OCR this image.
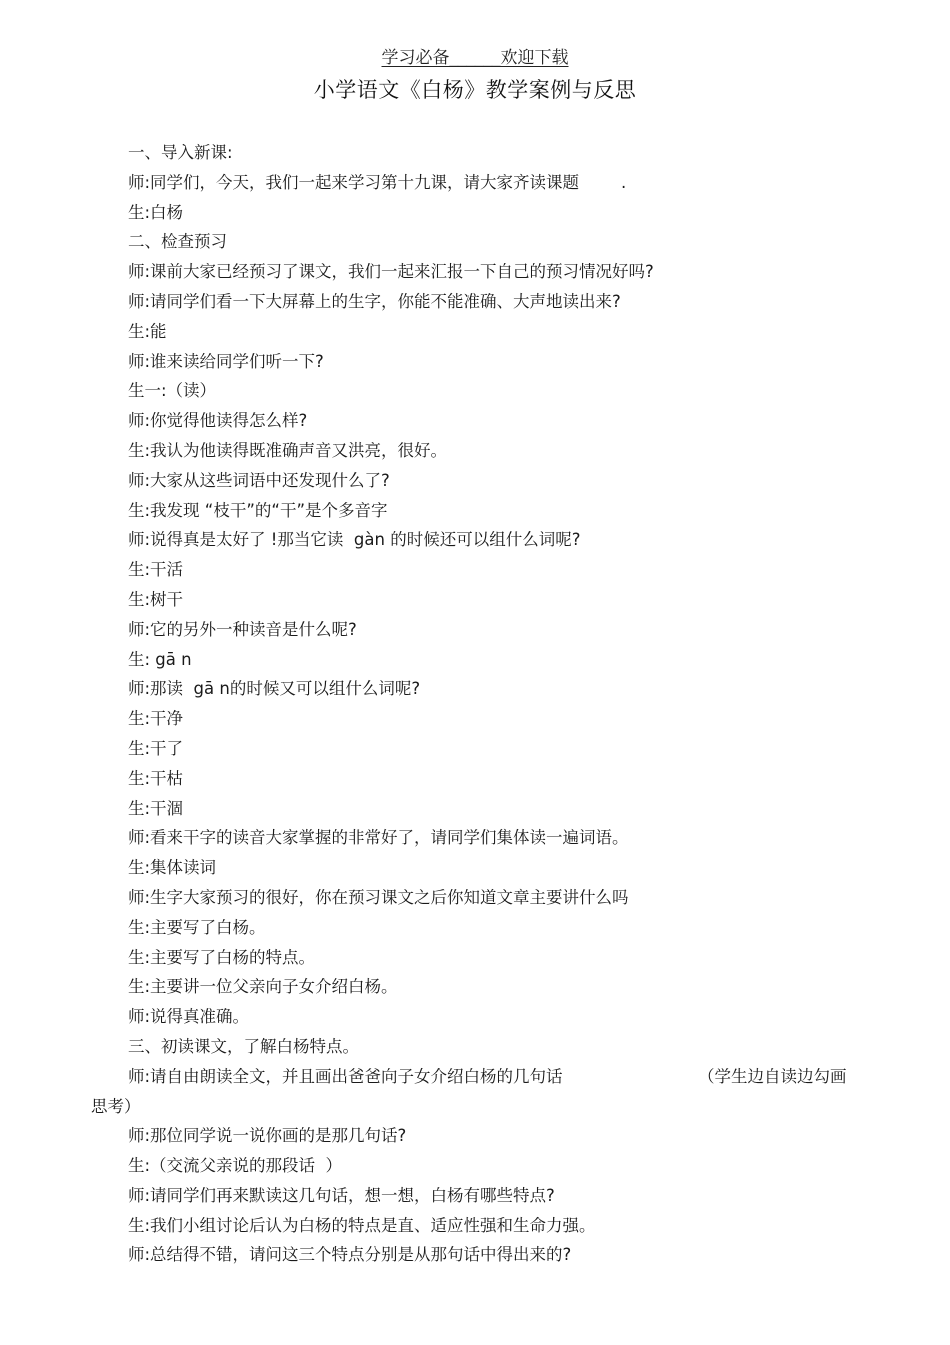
学习必备______欢迎下载
小学语文《白杨》教学案例与反思
一、导入新课:
师:同学们，今天，我们一起来学习第十九课，请大家齐读课题        .
生:白杨
二、检查预习
师:课前大家已经预习了课文，我们一起来汇报一下自己的预习情况好吗?
师:请同学们看一下大屏幕上的生字，你能不能准确、大声地读出来?
生:能
师:谁来读给同学们听一下?
生一:（读）
师:你觉得他读得怎么样?
生:我认为他读得既准确声音又洪亮，很好。
师:大家从这些词语中还发现什么了?
生:我发现 “枝干”的“干”是个多音字
师:说得真是太好了 !那当它读  gàn 的时候还可以组什么词呢?
生:干活
生:树干
师:它的另外一种读音是什么呢?
生: gā n
师:那读  gā n的时候又可以组什么词呢?
生:干净
生:干了
生:干枯
生:干涸
师:看来干字的读音大家掌握的非常好了，请同学们集体读一遍词语。
生:集体读词
师:生字大家预习的很好，你在预习课文之后你知道文章主要讲什么吗
生:主要写了白杨。
生:主要写了白杨的特点。
生:主要讲一位父亲向子女介绍白杨。
师:说得真准确。
三、初读课文，了解白杨特点。
师:请自由朗读全文，并且画出爸爸向子女介绍白杨的几句话	（学生边自读边勾画
思考）
师:那位同学说一说你画的是那几句话?
生:（交流父亲说的那段话  ）
师:请同学们再来默读这几句话，想一想，白杨有哪些特点?
生:我们小组讨论后认为白杨的特点是直、适应性强和生命力强。
师:总结得不错，请问这三个特点分别是从那句话中得出来的?
